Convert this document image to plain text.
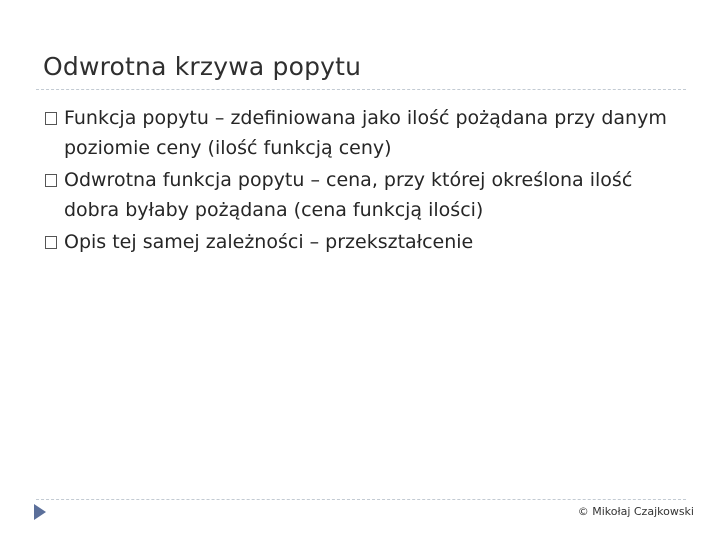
Odwrotna krzywa popytu
Funkcja popytu – zdefiniowana jako ilość pożądana przy danym poziomie ceny (ilość funkcją ceny)
Odwrotna funkcja popytu – cena, przy której określona ilość dobra byłaby pożądana (cena funkcją ilości)
Opis tej samej zależności – przekształcenie
© Mikołaj Czajkowski
